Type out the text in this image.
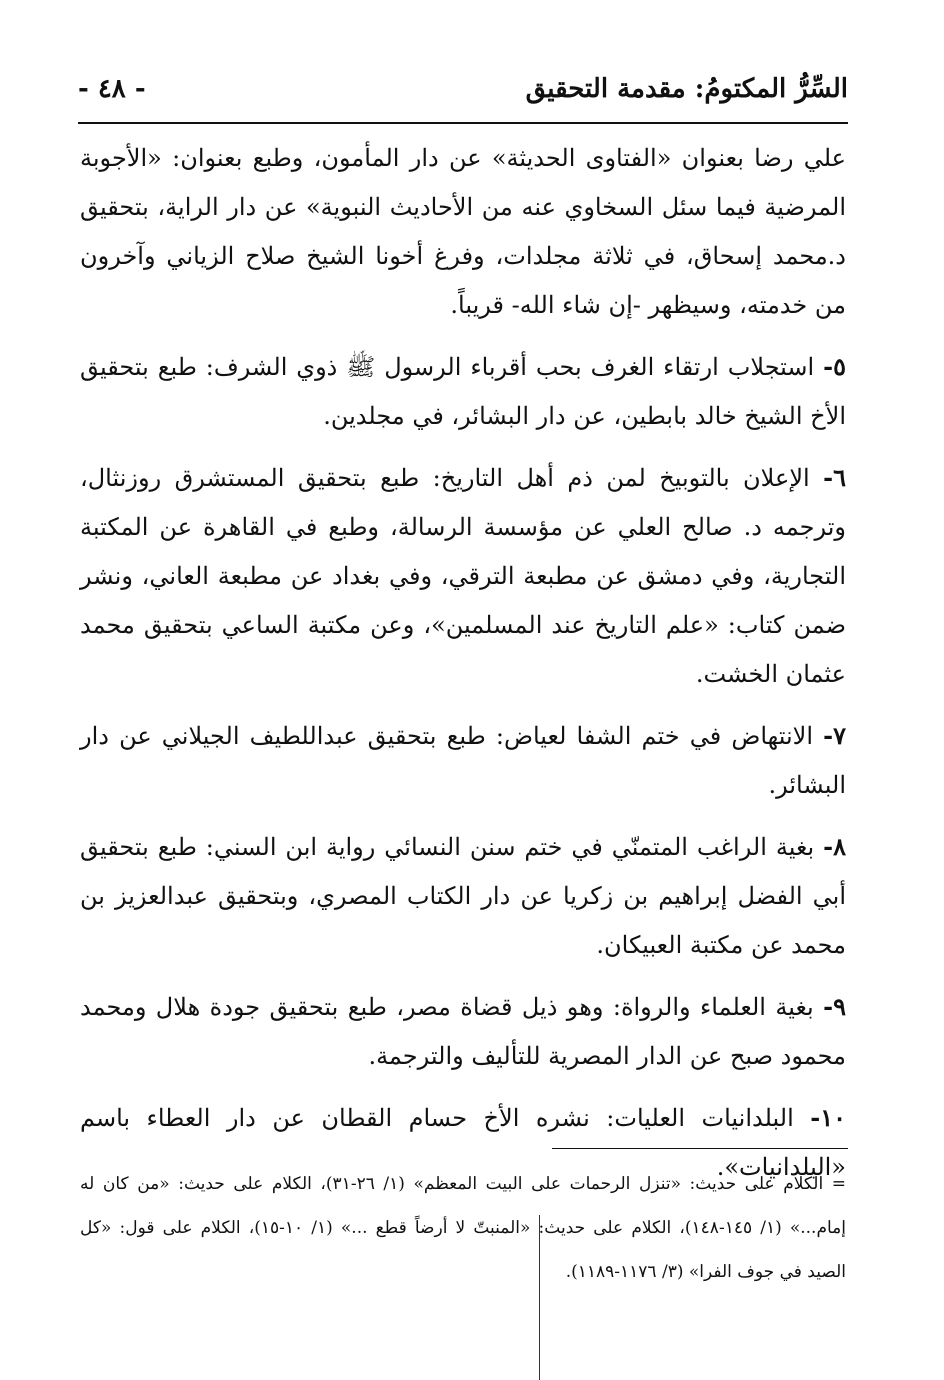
السِّرُّ المكتومُ: مقدمة التحقيق
- ٤٨ -

علي رضا بعنوان «الفتاوى الحديثة» عن دار المأمون، وطبع بعنوان: «الأجوبة المرضية فيما سئل السخاوي عنه من الأحاديث النبوية» عن دار الراية، بتحقيق د.محمد إسحاق، في ثلاثة مجلدات، وفرغ أخونا الشيخ صلاح الزياني وآخرون من خدمته، وسيظهر -إن شاء الله- قريباً.

٥- استجلاب ارتقاء الغرف بحب أقرباء الرسول ﷺ ذوي الشرف: طبع بتحقيق الأخ الشيخ خالد بابطين، عن دار البشائر، في مجلدين.

٦- الإعلان بالتوبيخ لمن ذم أهل التاريخ: طبع بتحقيق المستشرق روزنثال، وترجمه د. صالح العلي عن مؤسسة الرسالة، وطبع في القاهرة عن المكتبة التجارية، وفي دمشق عن مطبعة الترقي، وفي بغداد عن مطبعة العاني، ونشر ضمن كتاب: «علم التاريخ عند المسلمين»، وعن مكتبة الساعي بتحقيق محمد عثمان الخشت.

٧- الانتهاض في ختم الشفا لعياض: طبع بتحقيق عبداللطيف الجيلاني عن دار البشائر.

٨- بغية الراغب المتمنّي في ختم سنن النسائي رواية ابن السني: طبع بتحقيق أبي الفضل إبراهيم بن زكريا عن دار الكتاب المصري، وبتحقيق عبدالعزيز بن محمد عن مكتبة العبيكان.

٩- بغية العلماء والرواة: وهو ذيل قضاة مصر، طبع بتحقيق جودة هلال ومحمد محمود صبح عن الدار المصرية للتأليف والترجمة.

١٠- البلدانيات العليات: نشره الأخ حسام القطان عن دار العطاء باسم «البلدانيات».

= الكلام على حديث: «تنزل الرحمات على البيت المعظم» (١/ ٢٦-٣١)، الكلام على حديث: «من كان له إمام...» (١/ ١٤٥-١٤٨)، الكلام على حديث: «المنبتّ لا أرضاً قطع ...» (١/ ١٠-١٥)، الكلام على قول: «كل الصيد في جوف الفرا» (٣/ ١١٧٦-١١٨٩).
